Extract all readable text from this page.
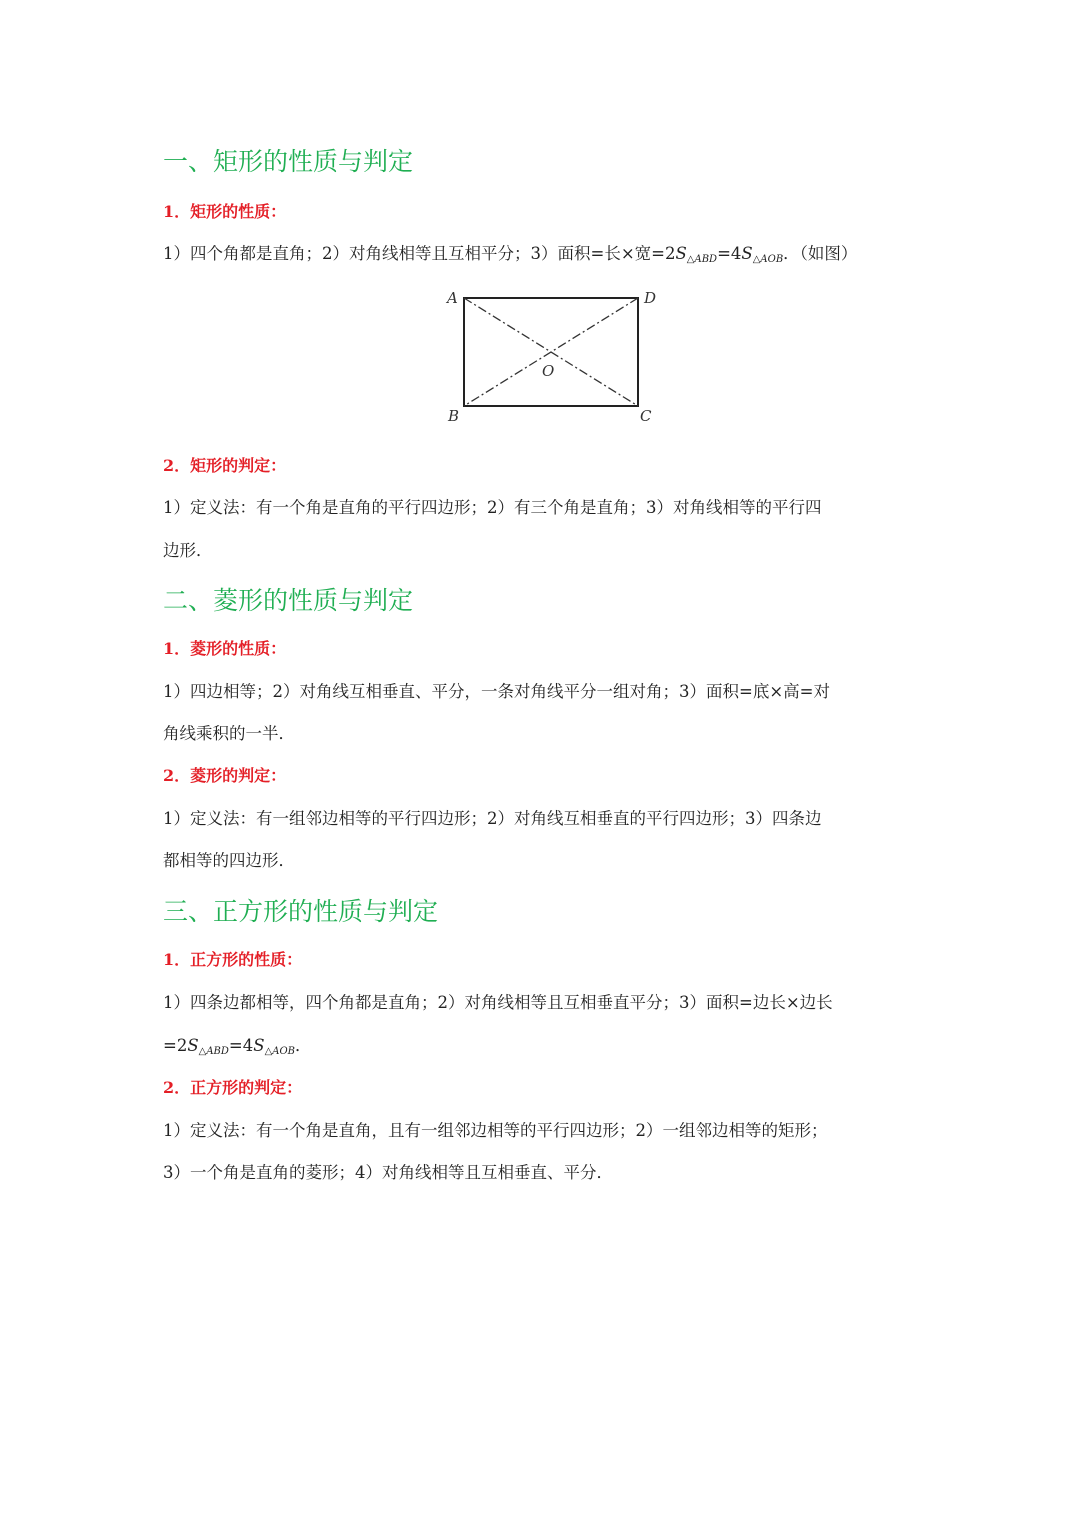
一、矩形的性质与判定
1．矩形的性质：
1）四个角都是直角；2）对角线相等且互相平分；3）面积=长×宽$=2S_{\triangle ABD}=4S_{\triangle AOB}$．（如图）
A	D
B	C
O
2．矩形的判定：
1）定义法：有一个角是直角的平行四边形；2）有三个角是直角；3）对角线相等的平行四
边形．
二、菱形的性质与判定
1．菱形的性质：
1）四边相等；2）对角线互相垂直、平分，一条对角线平分一组对角；3）面积=底×高=对
角线乘积的一半．
2．菱形的判定：
1）定义法：有一组邻边相等的平行四边形；2）对角线互相垂直的平行四边形；3）四条边
都相等的四边形．
三、正方形的性质与判定
1．正方形的性质：
1）四条边都相等，四个角都是直角；2）对角线相等且互相垂直平分；3）面积=边长×边长
$=2S_{\triangle ABD}=4S_{\triangle AOB}$．
2．正方形的判定：
1）定义法：有一个角是直角，且有一组邻边相等的平行四边形；2）一组邻边相等的矩形；
3）一个角是直角的菱形；4）对角线相等且互相垂直、平分．
